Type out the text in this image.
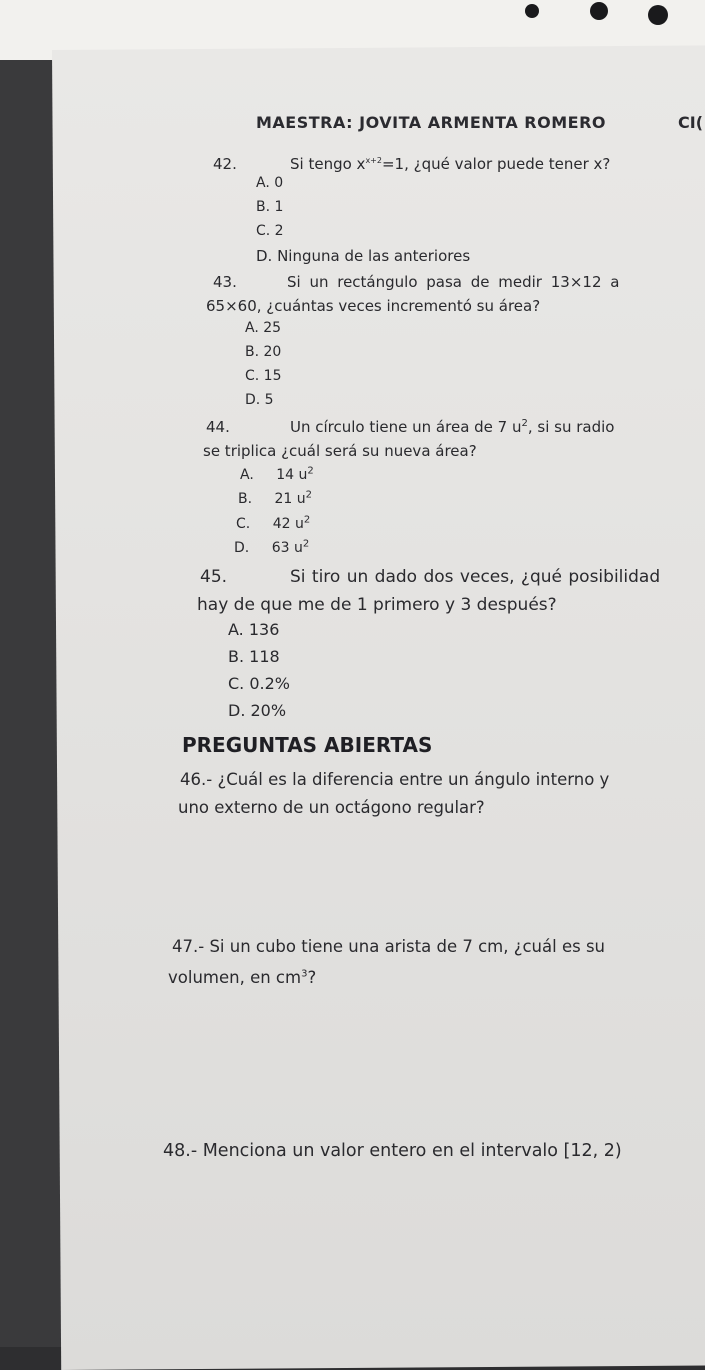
MAESTRA: JOVITA ARMENTA ROMERO	CI(
42.	Si tengo $x^{x+2}=1$, ¿qué valor puede tener x?
A. 0
B. 1
C. 2
D. Ninguna de las anteriores
43.	Si un rectángulo pasa de medir 13×12 a
65×60, ¿cuántas veces incrementó su área?
A. 25
B. 20
C. 15
D. 5
44.	Un círculo tiene un área de 7 $u^2$, si su radio
se triplica ¿cuál será su nueva área?
A. 14 $u^2$
B. 21 $u^2$
C. 42 $u^2$
D. 63 $u^2$
45.	Si tiro un dado dos veces, ¿qué posibilidad
hay de que me de 1 primero y 3 después?
A. 136
B. 118
C. 0.2%
D. 20%
PREGUNTAS ABIERTAS
46.- ¿Cuál es la diferencia entre un ángulo interno y
uno externo de un octágono regular?
47.- Si un cubo tiene una arista de 7 cm, ¿cuál es su
volumen, en $cm^3$?
48.- Menciona un valor entero en el intervalo [12, 2)
